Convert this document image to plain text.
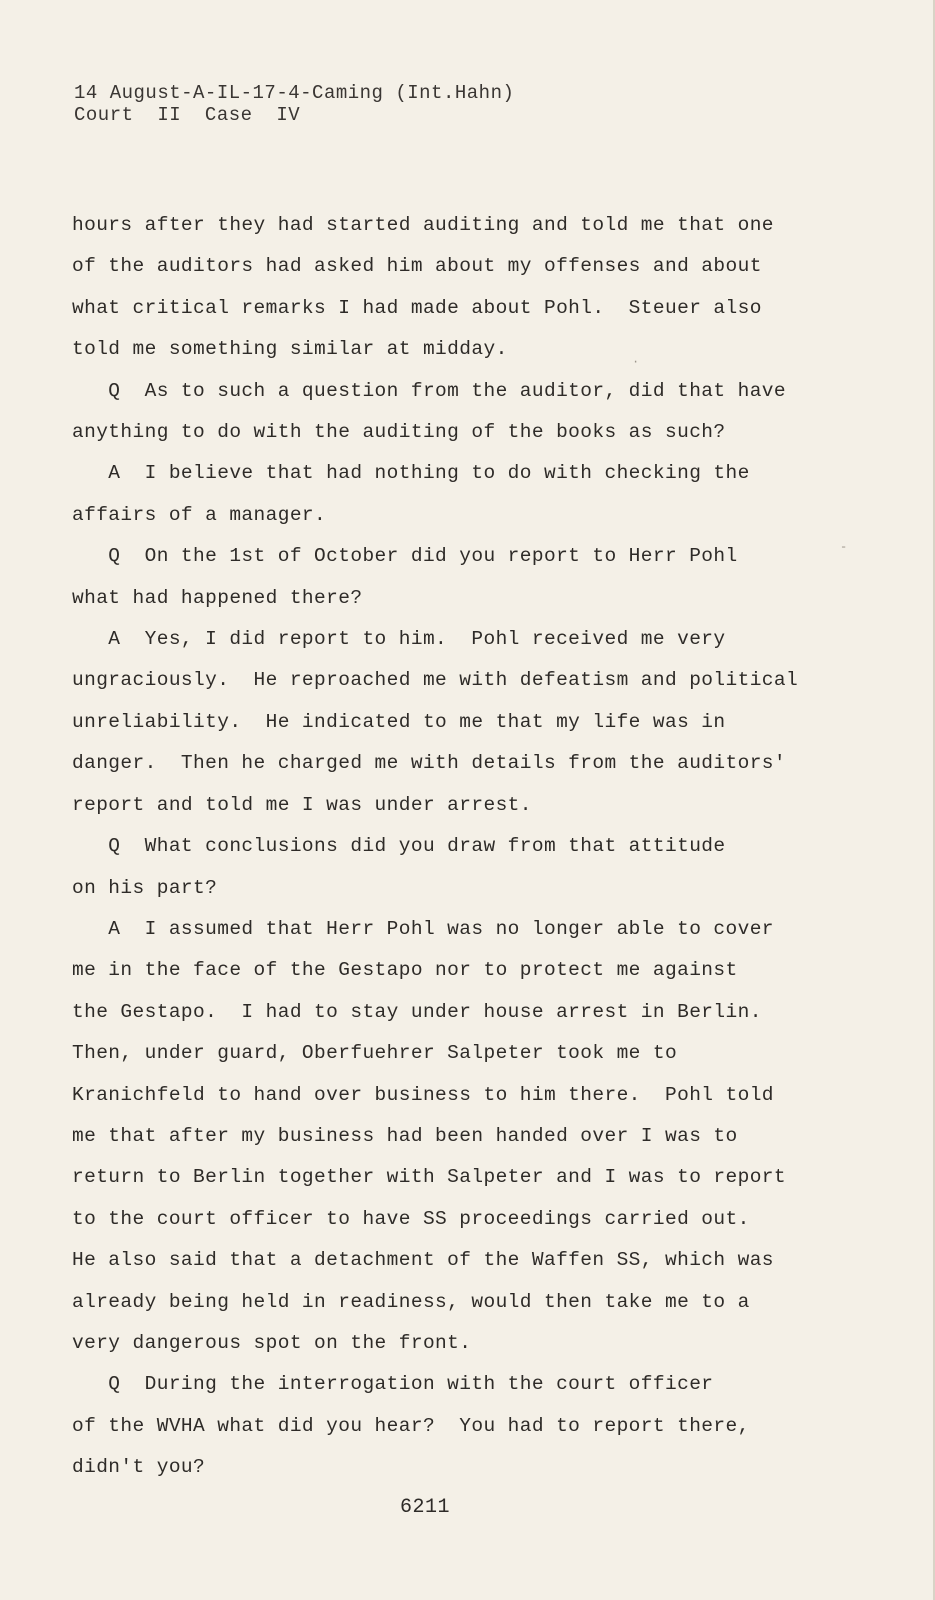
14 August-A-IL-17-4-Caming (Int.Hahn)
Court  II  Case  IV
hours after they had started auditing and told me that one
of the auditors had asked him about my offenses and about
what critical remarks I had made about Pohl.  Steuer also
told me something similar at midday.
Q  As to such a question from the auditor, did that have
anything to do with the auditing of the books as such?
A  I believe that had nothing to do with checking the
affairs of a manager.
Q  On the 1st of October did you report to Herr Pohl
what had happened there?
A  Yes, I did report to him.  Pohl received me very
ungraciously.  He reproached me with defeatism and political
unreliability.  He indicated to me that my life was in
danger.  Then he charged me with details from the auditors'
report and told me I was under arrest.
Q  What conclusions did you draw from that attitude
on his part?
A  I assumed that Herr Pohl was no longer able to cover
me in the face of the Gestapo nor to protect me against
the Gestapo.  I had to stay under house arrest in Berlin.
Then, under guard, Oberfuehrer Salpeter took me to
Kranichfeld to hand over business to him there.  Pohl told
me that after my business had been handed over I was to
return to Berlin together with Salpeter and I was to report
to the court officer to have SS proceedings carried out.
He also said that a detachment of the Waffen SS, which was
already being held in readiness, would then take me to a
very dangerous spot on the front.
Q  During the interrogation with the court officer
of the WVHA what did you hear?  You had to report there,
didn't you?
·
-
6211
